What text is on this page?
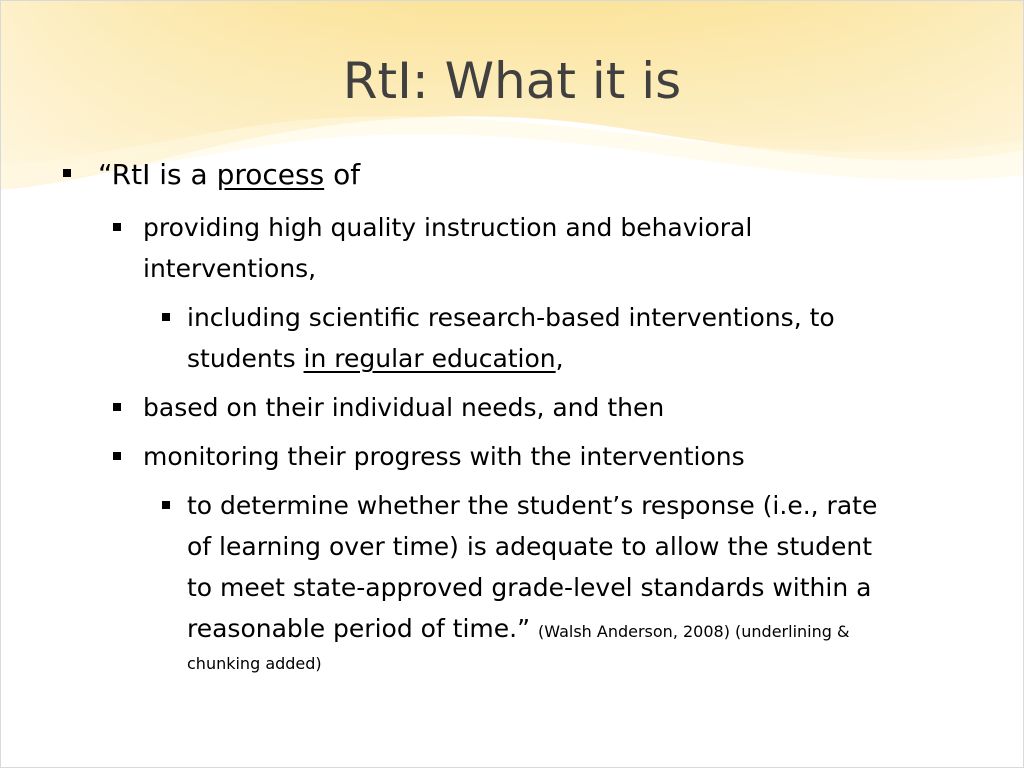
RtI: What it is
“RtI is a process of
providing high quality instruction and behavioral
interventions,
including scientific research-based interventions, to
students in regular education,
based on their individual needs, and then
monitoring their progress with the interventions
to determine whether the student’s response (i.e., rate
of learning over time) is adequate to allow the student
to meet state-approved grade-level standards within a
reasonable period of time.” (Walsh Anderson, 2008) (underlining &
chunking added)
